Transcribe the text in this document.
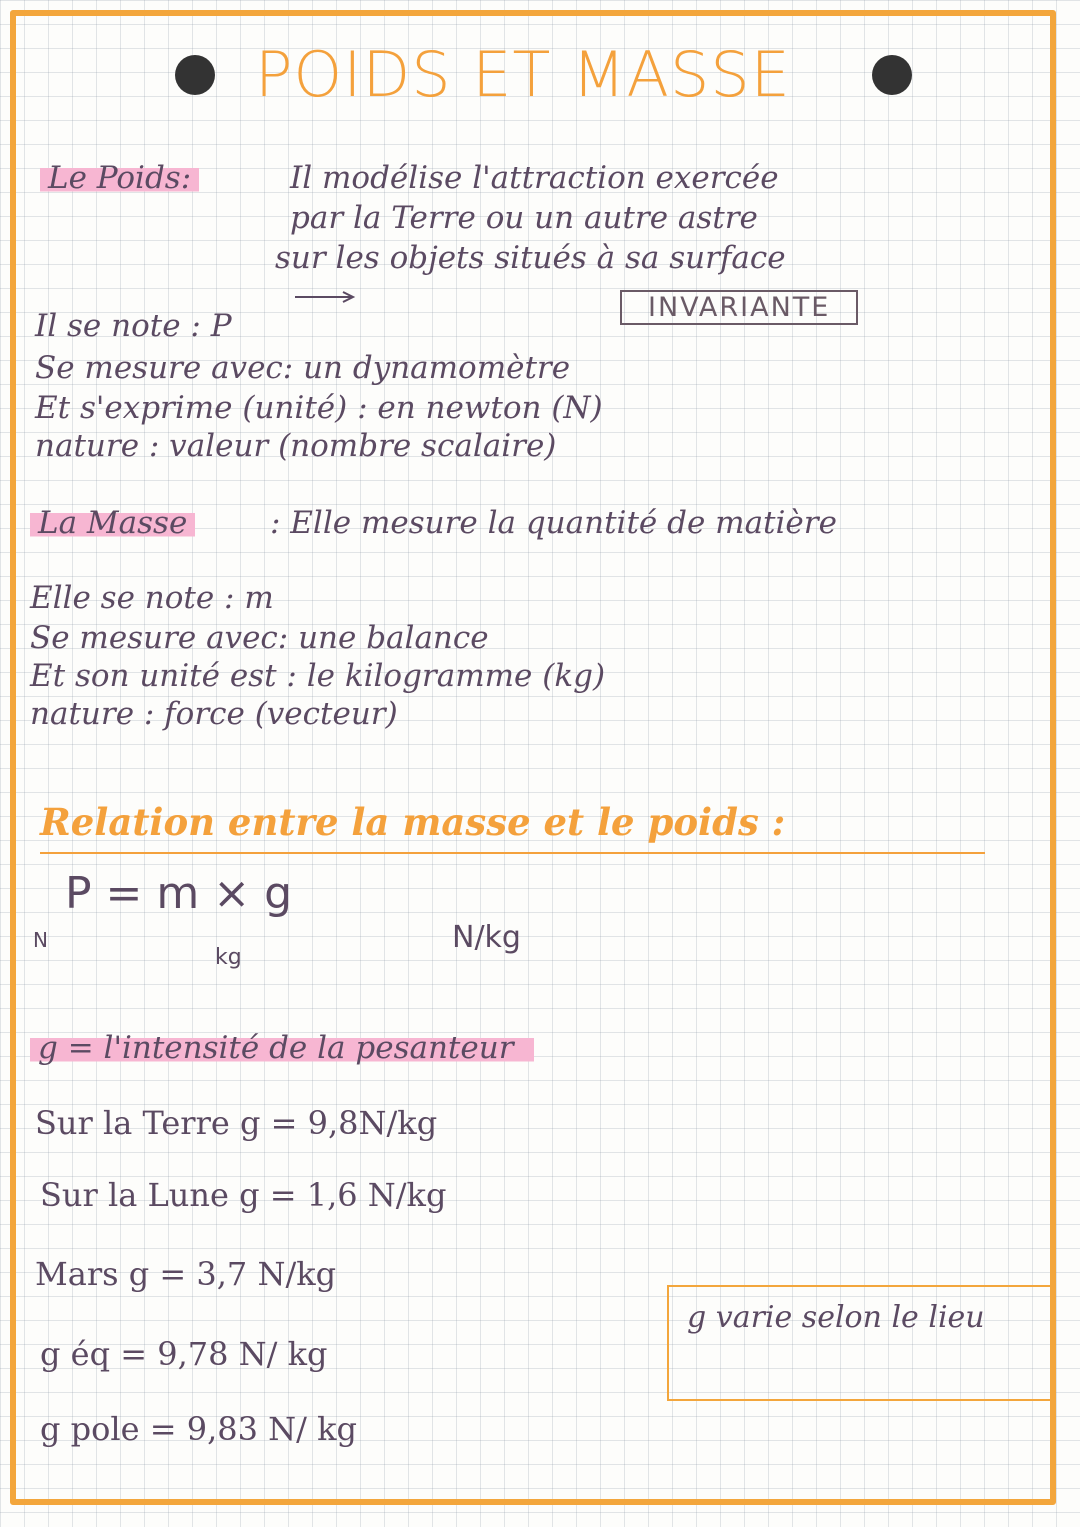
POIDS ET MASSE
Le Poids:	Il modélise l'attraction exercée
par la Terre ou un autre astre
sur les objets situés à sa surface
INVARIANTE
Il se note : P
Se mesure avec: un dynamomètre
Et s'exprime (unité) : en newton (N)
nature : valeur (nombre scalaire)
La Masse	: Elle mesure la quantité de matière
Elle se note : m
Se mesure avec: une balance
Et son unité est : le kilogramme (kg)
nature : force (vecteur)
Relation entre la masse et le poids :
P = m × g
N
kg
N/kg
g = l'intensité de la pesanteur
Sur la Terre g = 9,8N/kg
Sur la Lune g = 1,6 N/kg
Mars g = 3,7 N/kg
g éq = 9,78 N/ kg
g pole = 9,83 N/ kg
g varie selon le lieu
